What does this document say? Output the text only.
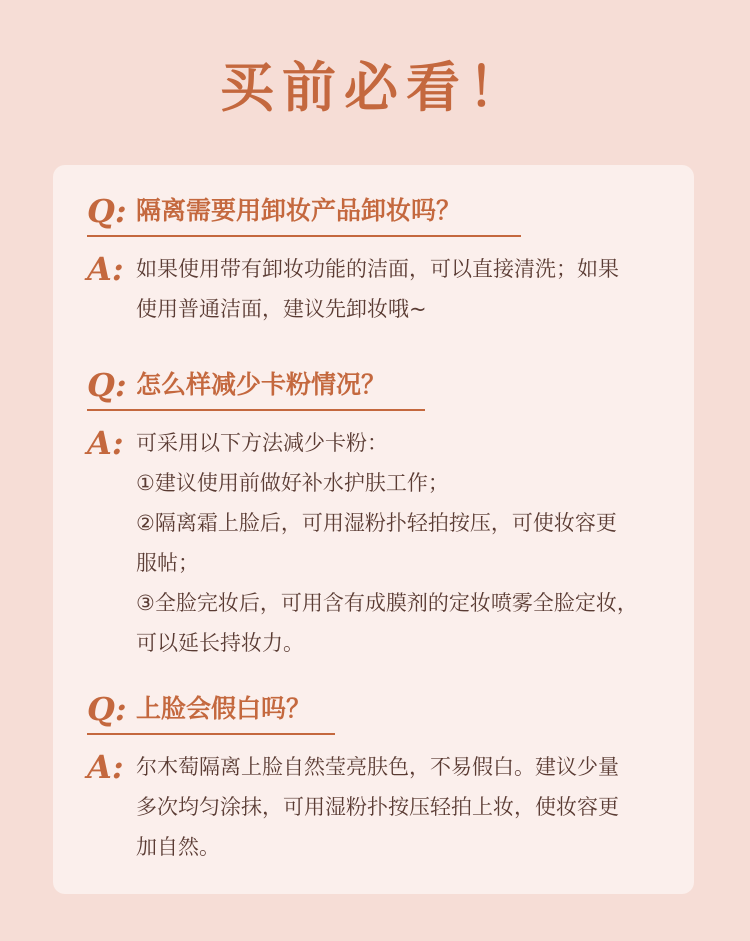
买前必看！
Q: 隔离需要用卸妆产品卸妆吗？
A: 如果使用带有卸妆功能的洁面，可以直接清洗；如果
使用普通洁面，建议先卸妆哦~
Q: 怎么样减少卡粉情况？
A: 可采用以下方法减少卡粉：
①建议使用前做好补水护肤工作；
②隔离霜上脸后，可用湿粉扑轻拍按压，可使妆容更
服帖；
③全脸完妆后，可用含有成膜剂的定妆喷雾全脸定妆，
可以延长持妆力。
Q: 上脸会假白吗？
A: 尔木萄隔离上脸自然莹亮肤色，不易假白。建议少量
多次均匀涂抹，可用湿粉扑按压轻拍上妆，使妆容更
加自然。
